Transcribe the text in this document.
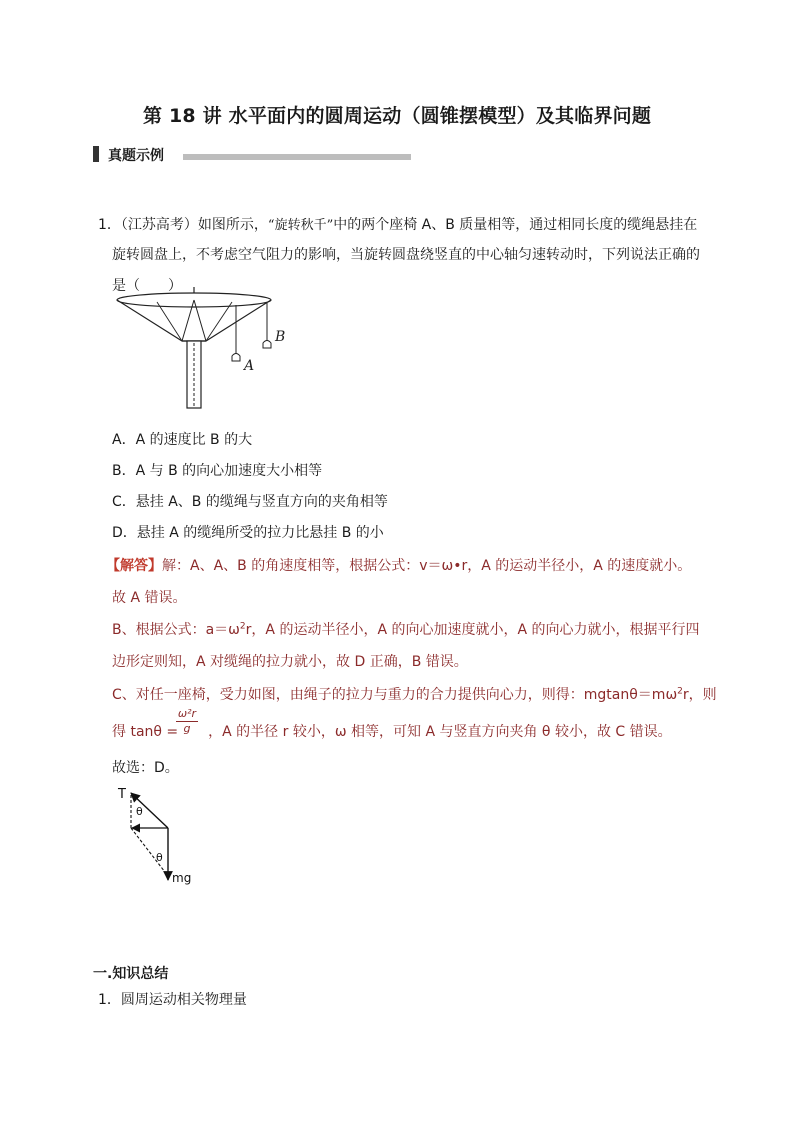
第 18 讲 水平面内的圆周运动（圆锥摆模型）及其临界问题
真题示例
1．（江苏高考）如图所示，“旋转秋千”中的两个座椅 A、B 质量相等，通过相同长度的缆绳悬挂在
旋转圆盘上，不考虑空气阻力的影响，当旋转圆盘绕竖直的中心轴匀速转动时，下列说法正确的
是（　　）
A
B
A．A 的速度比 B 的大
B．A 与 B 的向心加速度大小相等
C．悬挂 A、B 的缆绳与竖直方向的夹角相等
D．悬挂 A 的缆绳所受的拉力比悬挂 B 的小
【解答】解：A、A、B 的角速度相等，根据公式：v＝ω•r，A 的运动半径小，A 的速度就小。
故 A 错误。
B、根据公式：$a=\omega^2r$，A 的运动半径小，A 的向心加速度就小，A 的向心力就小，根据平行四
边形定则知，A 对缆绳的拉力就小，故 D 正确，B 错误。
C、对任一座椅，受力如图，由绳子的拉力与重力的合力提供向心力，则得：$mgtan\theta=m\omega^2r$，则
得 tanθ = ，A 的半径 r 较小，ω 相等，可知 A 与竖直方向夹角 θ 较小，故 C 错误。
$\frac{\text{ω²r}}{g}$
故选：D。
T
θ
θ
mg
一.知识总结
1．圆周运动相关物理量
